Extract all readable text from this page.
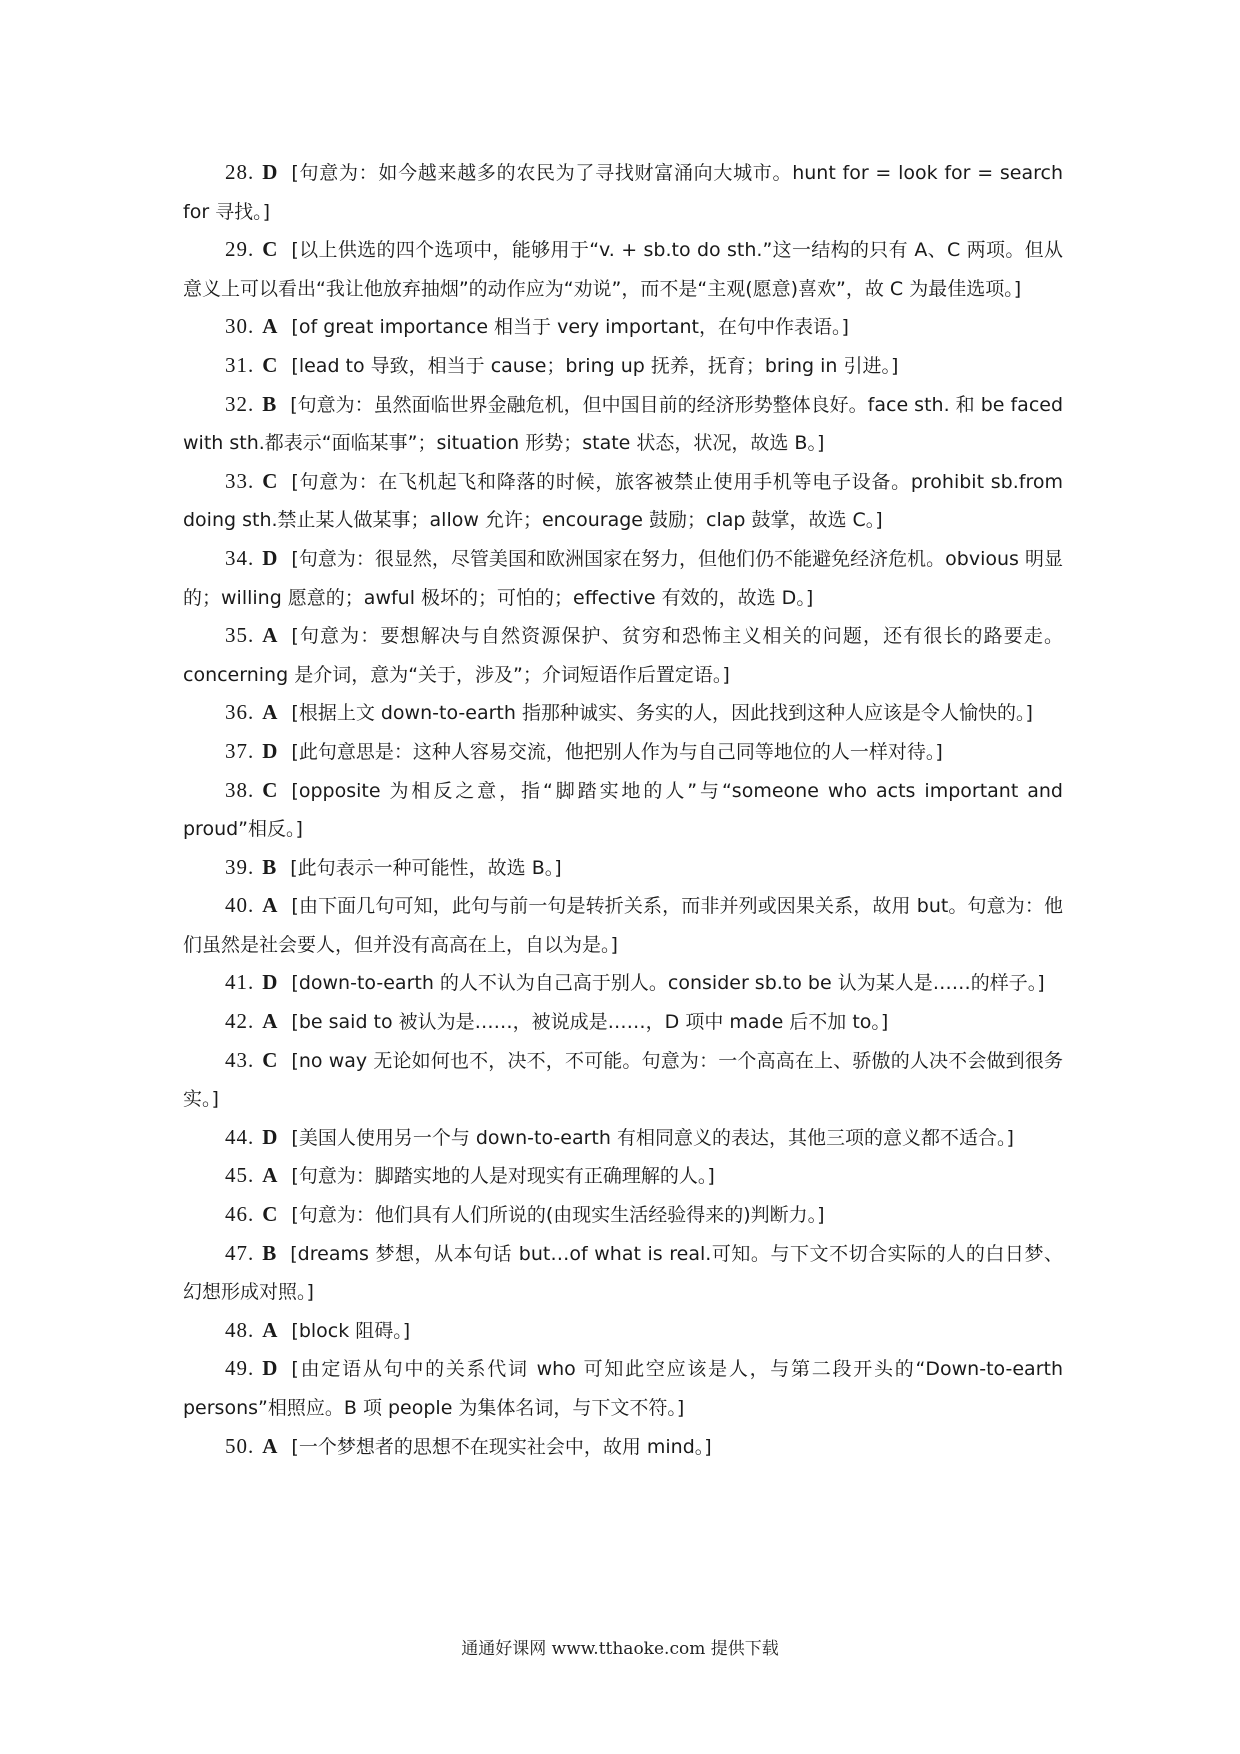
28. D [句意为：如今越来越多的农民为了寻找财富涌向大城市。hunt for = look for = search for 寻找。]

29. C [以上供选的四个选项中，能够用于“v. + sb.to do sth.”这一结构的只有 A、C 两项。但从意义上可以看出“我让他放弃抽烟”的动作应为“劝说”，而不是“主观(愿意)喜欢”，故 C 为最佳选项。]

30. A [of great importance 相当于 very important，在句中作表语。]

31. C [lead to 导致，相当于 cause；bring up 抚养，抚育；bring in 引进。]

32. B [句意为：虽然面临世界金融危机，但中国目前的经济形势整体良好。face sth. 和 be faced with sth.都表示“面临某事”；situation 形势；state 状态，状况，故选 B。]

33. C [句意为：在飞机起飞和降落的时候，旅客被禁止使用手机等电子设备。prohibit sb.from doing sth.禁止某人做某事；allow 允许；encourage 鼓励；clap 鼓掌，故选 C。]

34. D [句意为：很显然，尽管美国和欧洲国家在努力，但他们仍不能避免经济危机。obvious 明显的；willing 愿意的；awful 极坏的；可怕的；effective 有效的，故选 D。]

35. A [句意为：要想解决与自然资源保护、贫穷和恐怖主义相关的问题，还有很长的路要走。concerning 是介词，意为“关于，涉及”；介词短语作后置定语。]

36. A [根据上文 down-to-earth 指那种诚实、务实的人，因此找到这种人应该是令人愉快的。]

37. D [此句意思是：这种人容易交流，他把别人作为与自己同等地位的人一样对待。]

38. C [opposite 为相反之意，指“脚踏实地的人”与“someone who acts important and proud”相反。]

39. B [此句表示一种可能性，故选 B。]

40. A [由下面几句可知，此句与前一句是转折关系，而非并列或因果关系，故用 but。句意为：他们虽然是社会要人，但并没有高高在上，自以为是。]

41. D [down-to-earth 的人不认为自己高于别人。consider sb.to be 认为某人是……的样子。]

42. A [be said to 被认为是……，被说成是……，D 项中 made 后不加 to。]

43. C [no way 无论如何也不，决不，不可能。句意为：一个高高在上、骄傲的人决不会做到很务实。]

44. D [美国人使用另一个与 down-to-earth 有相同意义的表达，其他三项的意义都不适合。]

45. A [句意为：脚踏实地的人是对现实有正确理解的人。]

46. C [句意为：他们具有人们所说的(由现实生活经验得来的)判断力。]

47. B [dreams 梦想，从本句话 but…of what is real.可知。与下文不切合实际的人的白日梦、幻想形成对照。]

48. A [block 阻碍。]

49. D [由定语从句中的关系代词 who 可知此空应该是人，与第二段开头的“Down-to-earth persons”相照应。B 项 people 为集体名词，与下文不符。]

50. A [一个梦想者的思想不在现实社会中，故用 mind。]

通通好课网 www.tthaoke.com 提供下载
